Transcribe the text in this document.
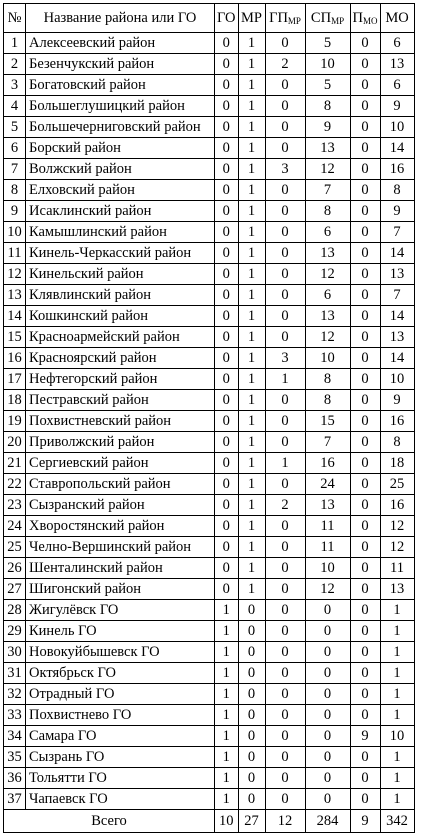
№	Название района или ГО	ГО	МР	$ГП_{МР}$	$СП_{МР}$	$П_{МО}$	МО
1	Алексеевский район	0	1	0	5	0	6
2	Безенчукский район	0	1	2	10	0	13
3	Богатовский район	0	1	0	5	0	6
4	Большеглушицкий район	0	1	0	8	0	9
5	Большечерниговский район	0	1	0	9	0	10
6	Борский район	0	1	0	13	0	14
7	Волжский район	0	1	3	12	0	16
8	Елховский район	0	1	0	7	0	8
9	Исаклинский район	0	1	0	8	0	9
10	Камышлинский район	0	1	0	6	0	7
11	Кинель-Черкасский район	0	1	0	13	0	14
12	Кинельский район	0	1	0	12	0	13
13	Клявлинский район	0	1	0	6	0	7
14	Кошкинский район	0	1	0	13	0	14
15	Красноармейский район	0	1	0	12	0	13
16	Красноярский район	0	1	3	10	0	14
17	Нефтегорский район	0	1	1	8	0	10
18	Пестравский район	0	1	0	8	0	9
19	Похвистневский район	0	1	0	15	0	16
20	Приволжский район	0	1	0	7	0	8
21	Сергиевский район	0	1	1	16	0	18
22	Ставропольский район	0	1	0	24	0	25
23	Сызранский район	0	1	2	13	0	16
24	Хворостянский район	0	1	0	11	0	12
25	Челно-Вершинский район	0	1	0	11	0	12
26	Шенталинский район	0	1	0	10	0	11
27	Шигонский район	0	1	0	12	0	13
28	Жигулёвск ГО	1	0	0	0	0	1
29	Кинель ГО	1	0	0	0	0	1
30	Новокуйбышевск ГО	1	0	0	0	0	1
31	Октябрьск ГО	1	0	0	0	0	1
32	Отрадный ГО	1	0	0	0	0	1
33	Похвистнево ГО	1	0	0	0	0	1
34	Самара ГО	1	0	0	0	9	10
35	Сызрань ГО	1	0	0	0	0	1
36	Тольятти ГО	1	0	0	0	0	1
37	Чапаевск ГО	1	0	0	0	0	1
Всего		10	27	12	284	9	342
